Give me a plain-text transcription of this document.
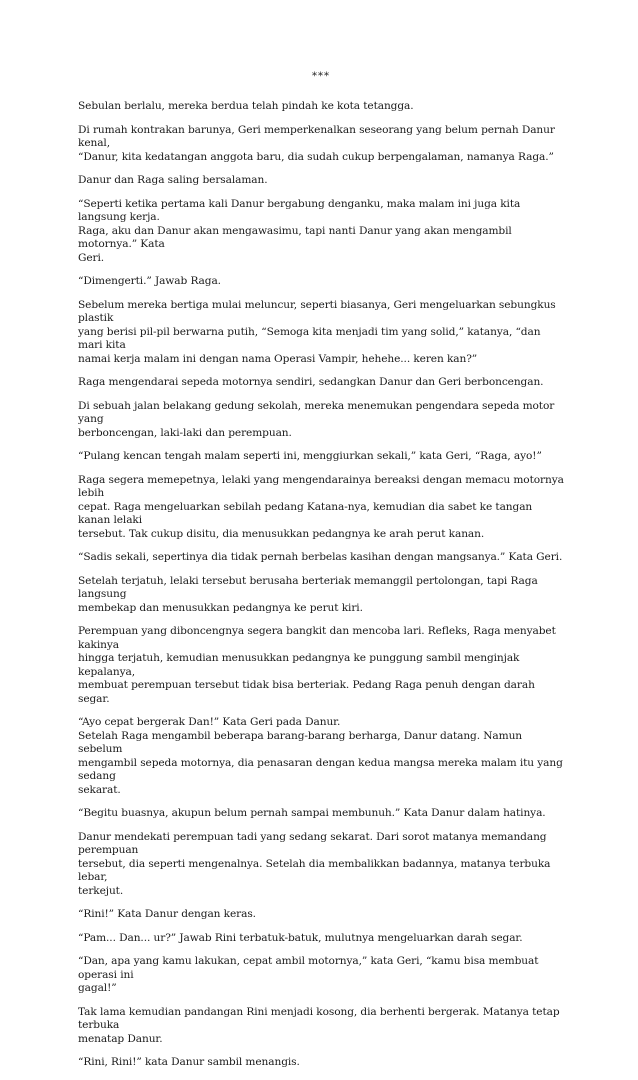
***

Sebulan berlalu, mereka berdua telah pindah ke kota tetangga.

Di rumah kontrakan barunya, Geri memperkenalkan seseorang yang belum pernah Danur kenal,
“Danur, kita kedatangan anggota baru, dia sudah cukup berpengalaman, namanya Raga.”

Danur dan Raga saling bersalaman.

“Seperti ketika pertama kali Danur bergabung denganku, maka malam ini juga kita langsung kerja.
Raga, aku dan Danur akan mengawasimu, tapi nanti Danur yang akan mengambil motornya.” Kata
Geri.

“Dimengerti.” Jawab Raga.

Sebelum mereka bertiga mulai meluncur, seperti biasanya, Geri mengeluarkan sebungkus plastik
yang berisi pil-pil berwarna putih, “Semoga kita menjadi tim yang solid,” katanya, “dan mari kita
namai kerja malam ini dengan nama Operasi Vampir, hehehe... keren kan?”

Raga mengendarai sepeda motornya sendiri, sedangkan Danur dan Geri berboncengan.

Di sebuah jalan belakang gedung sekolah, mereka menemukan pengendara sepeda motor yang
berboncengan, laki-laki dan perempuan.

“Pulang kencan tengah malam seperti ini, menggiurkan sekali,” kata Geri, “Raga, ayo!”

Raga segera memepetnya, lelaki yang mengendarainya bereaksi dengan memacu motornya lebih
cepat. Raga mengeluarkan sebilah pedang Katana-nya, kemudian dia sabet ke tangan kanan lelaki
tersebut. Tak cukup disitu, dia menusukkan pedangnya ke arah perut kanan.

“Sadis sekali, sepertinya dia tidak pernah berbelas kasihan dengan mangsanya.” Kata Geri.

Setelah terjatuh, lelaki tersebut berusaha berteriak memanggil pertolongan, tapi Raga langsung
membekap dan menusukkan pedangnya ke perut kiri.

Perempuan yang diboncengnya segera bangkit dan mencoba lari. Refleks, Raga menyabet kakinya
hingga terjatuh, kemudian menusukkan pedangnya ke punggung sambil menginjak kepalanya,
membuat perempuan tersebut tidak bisa berteriak. Pedang Raga penuh dengan darah segar.

“Ayo cepat bergerak Dan!” Kata Geri pada Danur.
Setelah Raga mengambil beberapa barang-barang berharga, Danur datang. Namun sebelum
mengambil sepeda motornya, dia penasaran dengan kedua mangsa mereka malam itu yang sedang
sekarat.

“Begitu buasnya, akupun belum pernah sampai membunuh.” Kata Danur dalam hatinya.

Danur mendekati perempuan tadi yang sedang sekarat. Dari sorot matanya memandang perempuan
tersebut, dia seperti mengenalnya. Setelah dia membalikkan badannya, matanya terbuka lebar,
terkejut.

“Rini!” Kata Danur dengan keras.

“Pam... Dan... ur?” Jawab Rini terbatuk-batuk, mulutnya mengeluarkan darah segar.

“Dan, apa yang kamu lakukan, cepat ambil motornya,” kata Geri, “kamu bisa membuat operasi ini
gagal!”

Tak lama kemudian pandangan Rini menjadi kosong, dia berhenti bergerak. Matanya tetap terbuka
menatap Danur.

“Rini, Rini!” kata Danur sambil menangis.
